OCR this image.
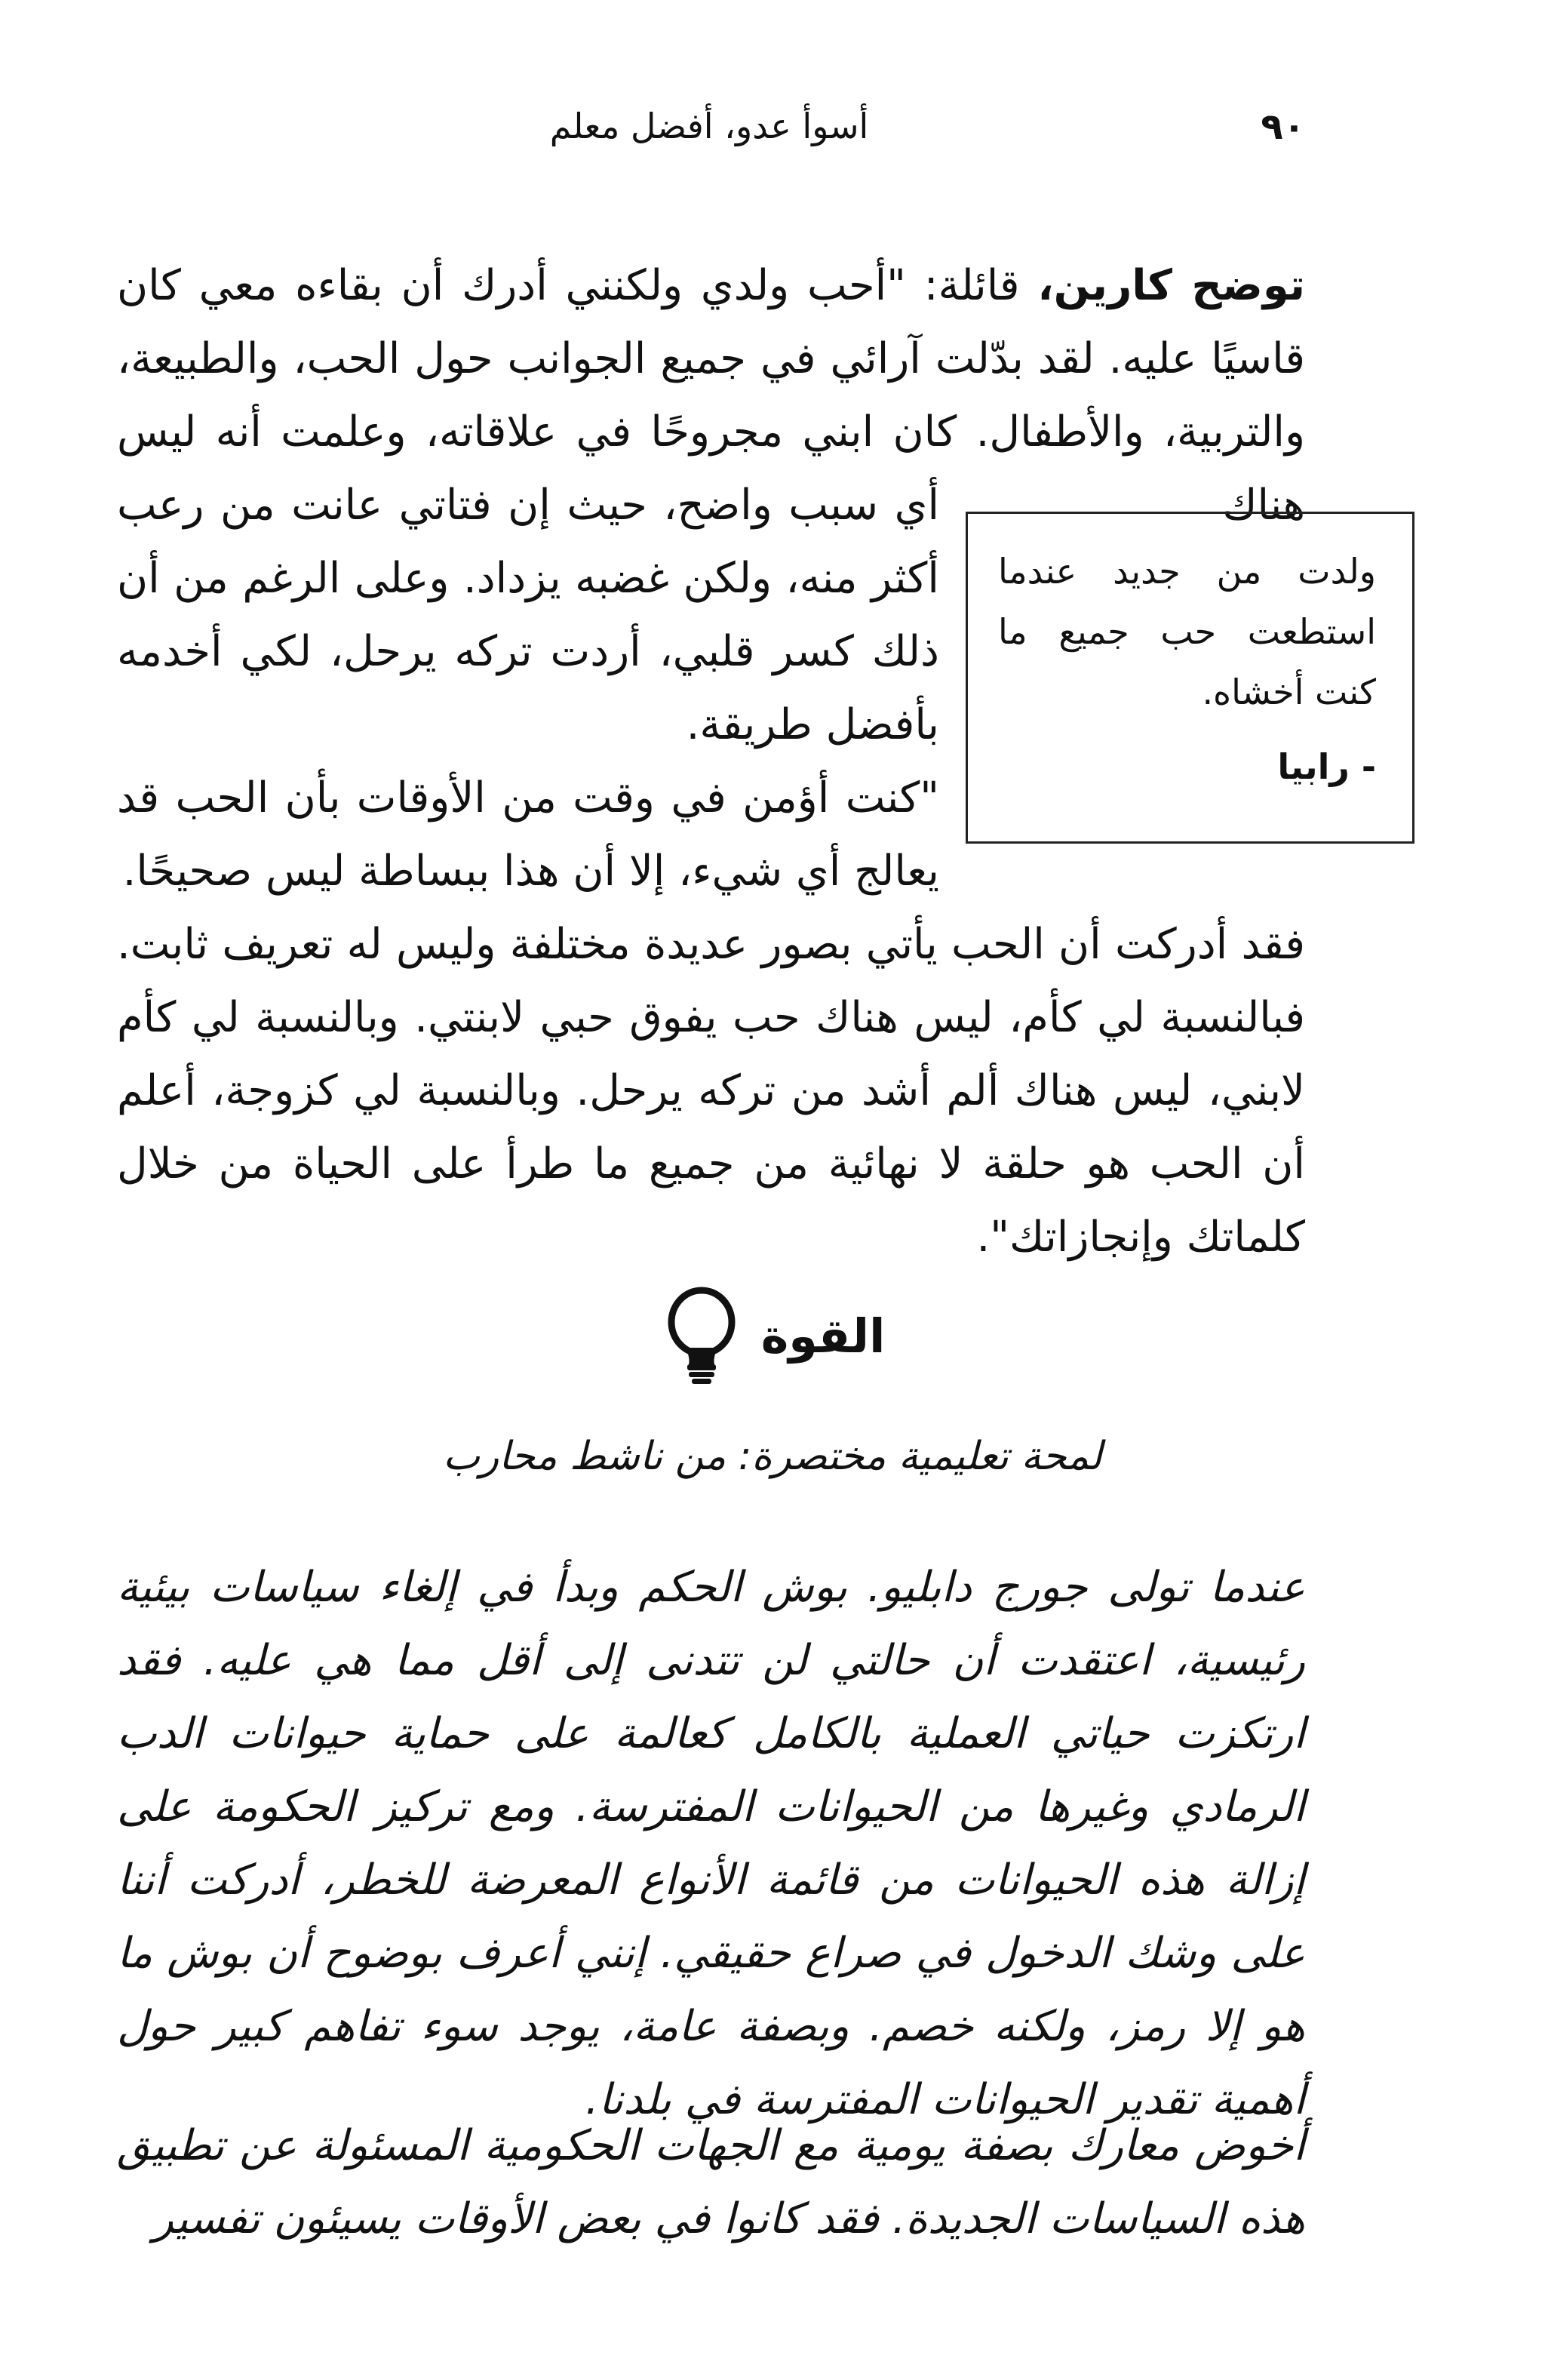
٩٠
أسوأ عدو، أفضل معلم

توضح كارين، قائلة: "أحب ولدي ولكنني أدرك أن بقاءه معي كان قاسيًا عليه. لقد بدّلت آرائي في جميع الجوانب حول الحب، والطبيعة، والتربية، والأطفال. كان ابني مجروحًا في علاقاته، وعلمت أنه ليس هناك

أي سبب واضح، حيث إن فتاتي عانت من رعب أكثر منه، ولكن غضبه يزداد. وعلى الرغم من أن ذلك كسر قلبي، أردت تركه يرحل، لكي أخدمه بأفضل طريقة.

ولدت من جديد عندما استطعت حب جميع ما كنت أخشاه.

- رابيا

"كنت أؤمن في وقت من الأوقات بأن الحب قد يعالج أي شيء، إلا أن هذا ببساطة ليس صحيحًا.

فقد أدركت أن الحب يأتي بصور عديدة مختلفة وليس له تعريف ثابت. فبالنسبة لي كأم، ليس هناك حب يفوق حبي لابنتي. وبالنسبة لي كأم لابني، ليس هناك ألم أشد من تركه يرحل. وبالنسبة لي كزوجة، أعلم أن الحب هو حلقة لا نهائية من جميع ما طرأ على الحياة من خلال كلماتك وإنجازاتك".

القوة
لمحة تعليمية مختصرة: من ناشط محارب

عندما تولى جورج دابليو. بوش الحكم وبدأ في إلغاء سياسات بيئية رئيسية، اعتقدت أن حالتي لن تتدنى إلى أقل مما هي عليه. فقد ارتكزت حياتي العملية بالكامل كعالمة على حماية حيوانات الدب الرمادي وغيرها من الحيوانات المفترسة. ومع تركيز الحكومة على إزالة هذه الحيوانات من قائمة الأنواع المعرضة للخطر، أدركت أننا على وشك الدخول في صراع حقيقي. إنني أعرف بوضوح أن بوش ما هو إلا رمز، ولكنه خصم. وبصفة عامة، يوجد سوء تفاهم كبير حول أهمية تقدير الحيوانات المفترسة في بلدنا.

أخوض معارك بصفة يومية مع الجهات الحكومية المسئولة عن تطبيق هذه السياسات الجديدة. فقد كانوا في بعض الأوقات يسيئون تفسير
